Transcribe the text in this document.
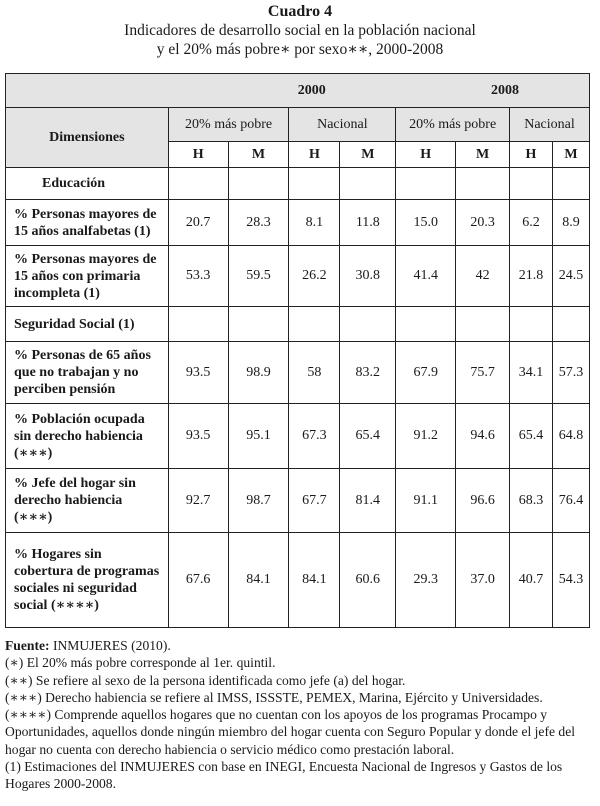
Cuadro 4
Indicadores de desarrollo social en la población nacional
y el 20% más pobre∗ por sexo∗∗, 2000-2008
2000					2008			
Dimensiones	20% más pobre		Nacional		20% más pobre		Nacional	
	H	M	H	M	H	M	H	M
Educación								
% Personas mayores de 15 años analfabetas (1)	20.7	28.3	8.1	11.8	15.0	20.3	6.2	8.9
% Personas mayores de 15 años con primaria incompleta (1)	53.3	59.5	26.2	30.8	41.4	42	21.8	24.5
Seguridad Social (1)								
% Personas de 65 años que no trabajan y no perciben pensión	93.5	98.9	58	83.2	67.9	75.7	34.1	57.3
% Población ocupada sin derecho habiencia (∗∗∗)	93.5	95.1	67.3	65.4	91.2	94.6	65.4	64.8
% Jefe del hogar sin derecho habiencia (∗∗∗)	92.7	98.7	67.7	81.4	91.1	96.6	68.3	76.4
% Hogares sin cobertura de programas sociales ni seguridad social (∗∗∗∗)	67.6	84.1	84.1	60.6	29.3	37.0	40.7	54.3
Fuente: INMUJERES (2010).
(∗) El 20% más pobre corresponde al 1er. quintil.
(∗∗) Se refiere al sexo de la persona identificada como jefe (a) del hogar.
(∗∗∗) Derecho habiencia se refiere al IMSS, ISSSTE, PEMEX, Marina, Ejército y Universidades.
(∗∗∗∗) Comprende aquellos hogares que no cuentan con los apoyos de los programas Procampo y Oportunidades, aquellos donde ningún miembro del hogar cuenta con Seguro Popular y donde el jefe del hogar no cuenta con derecho habiencia o servicio médico como prestación laboral.
(1) Estimaciones del INMUJERES con base en INEGI, Encuesta Nacional de Ingresos y Gastos de los Hogares 2000-2008.
